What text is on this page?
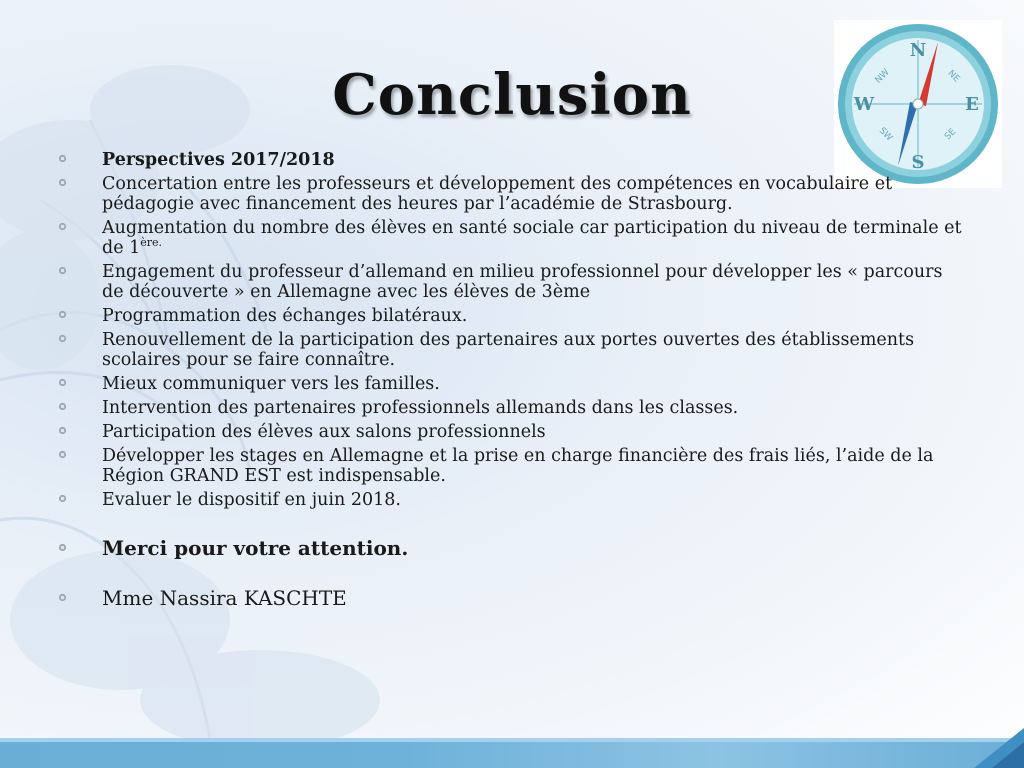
Conclusion
N
E
S
W
NE
SE
SW
NW
Perspectives 2017/2018
Concertation entre les professeurs et développement des compétences en vocabulaire et pédagogie avec financement des heures par l’académie de Strasbourg.
Augmentation du nombre des élèves en santé sociale car participation du niveau de terminale et de $1^{ère.}$
Engagement du professeur d’allemand en milieu professionnel pour développer les « parcours de découverte » en Allemagne avec les élèves de 3ème
Programmation des échanges bilatéraux.
Renouvellement de la participation des partenaires aux portes ouvertes des établissements scolaires pour se faire connaître.
Mieux communiquer vers les familles.
Intervention des partenaires professionnels allemands dans les classes.
Participation des élèves aux salons professionnels
Développer les stages en Allemagne et la prise en charge financière des frais liés, l’aide de la Région GRAND EST est indispensable.
Evaluer le dispositif en juin 2018.
Merci pour votre attention.
Mme Nassira KASCHTE
